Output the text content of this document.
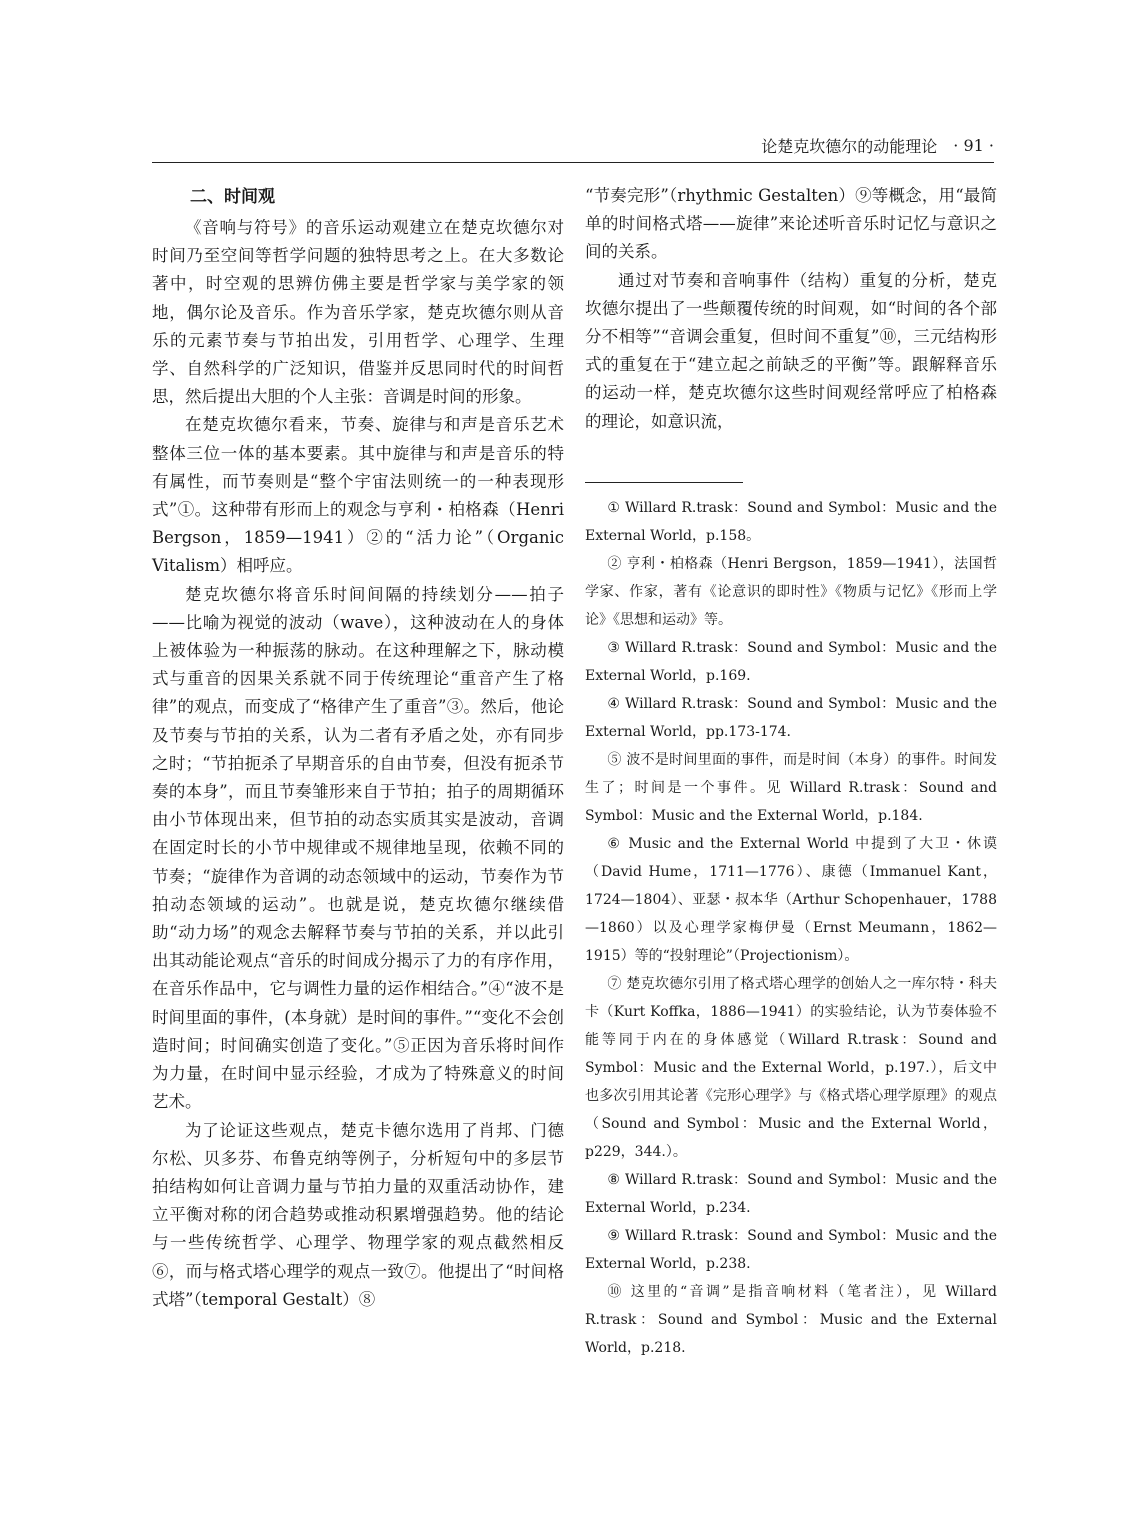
论楚克坎德尔的动能理论 · 91 ·
二、时间观

《音响与符号》的音乐运动观建立在楚克坎德尔对时间乃至空间等哲学问题的独特思考之上。在大多数论著中，时空观的思辨仿佛主要是哲学家与美学家的领地，偶尔论及音乐。作为音乐学家，楚克坎德尔则从音乐的元素节奏与节拍出发，引用哲学、心理学、生理学、自然科学的广泛知识，借鉴并反思同时代的时间哲思，然后提出大胆的个人主张：音调是时间的形象。

在楚克坎德尔看来，节奏、旋律与和声是音乐艺术整体三位一体的基本要素。其中旋律与和声是音乐的特有属性，而节奏则是“整个宇宙法则统一的一种表现形式”①。这种带有形而上的观念与亨利・柏格森（Henri Bergson，1859—1941）②的“活力论”（Organic Vitalism）相呼应。

楚克坎德尔将音乐时间间隔的持续划分——拍子——比喻为视觉的波动（wave），这种波动在人的身体上被体验为一种振荡的脉动。在这种理解之下，脉动模式与重音的因果关系就不同于传统理论“重音产生了格律”的观点，而变成了“格律产生了重音”③。然后，他论及节奏与节拍的关系，认为二者有矛盾之处，亦有同步之时；“节拍扼杀了早期音乐的自由节奏，但没有扼杀节奏的本身”，而且节奏雏形来自于节拍；拍子的周期循环由小节体现出来，但节拍的动态实质其实是波动，音调在固定时长的小节中规律或不规律地呈现，依赖不同的节奏；“旋律作为音调的动态领域中的运动，节奏作为节拍动态领域的运动”。也就是说，楚克坎德尔继续借助“动力场”的观念去解释节奏与节拍的关系，并以此引出其动能论观点“音乐的时间成分揭示了力的有序作用，在音乐作品中，它与调性力量的运作相结合。”④“波不是时间里面的事件，(本身就）是时间的事件。”“变化不会创造时间；时间确实创造了变化。”⑤正因为音乐将时间作为力量，在时间中显示经验，才成为了特殊意义的时间艺术。

为了论证这些观点，楚克卡德尔选用了肖邦、门德尔松、贝多芬、布鲁克纳等例子，分析短句中的多层节拍结构如何让音调力量与节拍力量的双重活动协作，建立平衡对称的闭合趋势或推动积累增强趋势。他的结论与一些传统哲学、心理学、物理学家的观点截然相反⑥，而与格式塔心理学的观点一致⑦。他提出了“时间格式塔”（temporal Gestalt）⑧

“节奏完形”（rhythmic Gestalten）⑨等概念，用“最简单的时间格式塔——旋律”来论述听音乐时记忆与意识之间的关系。

通过对节奏和音响事件（结构）重复的分析，楚克坎德尔提出了一些颠覆传统的时间观，如“时间的各个部分不相等”“音调会重复，但时间不重复”⑩，三元结构形式的重复在于“建立起之前缺乏的平衡”等。跟解释音乐的运动一样，楚克坎德尔这些时间观经常呼应了柏格森的理论，如意识流，

① Willard R.trask：Sound and Symbol：Music and the External World，p.158。

② 亨利・柏格森（Henri Bergson，1859—1941），法国哲学家、作家，著有《论意识的即时性》《物质与记忆》《形而上学论》《思想和运动》等。

③ Willard R.trask：Sound and Symbol：Music and the External World，p.169.

④ Willard R.trask：Sound and Symbol：Music and the External World，pp.173-174.

⑤ 波不是时间里面的事件，而是时间（本身）的事件。时间发生了；时间是一个事件。见 Willard R.trask：Sound and Symbol：Music and the External World，p.184.

⑥ Music and the External World 中提到了大卫・休谟（David Hume，1711—1776）、康德（Immanuel Kant，1724—1804）、亚瑟・叔本华（Arthur Schopenhauer，1788—1860）以及心理学家梅伊曼（Ernst Meumann，1862—1915）等的“投射理论”（Projectionism）。

⑦ 楚克坎德尔引用了格式塔心理学的创始人之一库尔特・科夫卡（Kurt Koffka，1886—1941）的实验结论，认为节奏体验不能等同于内在的身体感觉（Willard R.trask：Sound and Symbol：Music and the External World，p.197.），后文中也多次引用其论著《完形心理学》与《格式塔心理学原理》的观点（Sound and Symbol：Music and the External World，p229，344.）。

⑧ Willard R.trask：Sound and Symbol：Music and the External World，p.234.

⑨ Willard R.trask：Sound and Symbol：Music and the External World，p.238.

⑩ 这里的“音调”是指音响材料（笔者注），见 Willard R.trask：Sound and Symbol：Music and the External World，p.218.
